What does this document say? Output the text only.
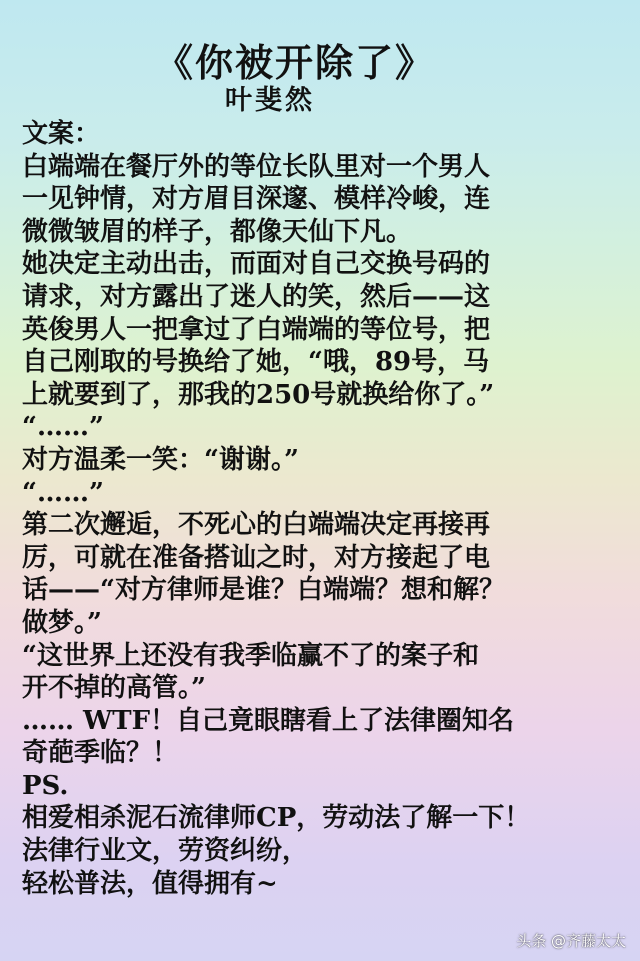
《你被开除了》
叶斐然
文案：
白端端在餐厅外的等位长队里对一个男人
一见钟情，对方眉目深邃、模样冷峻，连
微微皱眉的样子，都像天仙下凡。
她决定主动出击，而面对自己交换号码的
请求，对方露出了迷人的笑，然后——这
英俊男人一把拿过了白端端的等位号，把
自己刚取的号换给了她，“哦，89号，马
上就要到了，那我的250号就换给你了。”
“……”
对方温柔一笑：“谢谢。”
“……”
第二次邂逅，不死心的白端端决定再接再
厉，可就在准备搭讪之时，对方接起了电
话——“对方律师是谁？白端端？想和解？
做梦。”
“这世界上还没有我季临赢不了的案子和
开不掉的高管。”
…… WTF！自己竟眼瞎看上了法律圈知名
奇葩季临？！
PS.
相爱相杀泥石流律师CP，劳动法了解一下！
法律行业文，劳资纠纷，
轻松普法，值得拥有~
头条 @齐藤太太
